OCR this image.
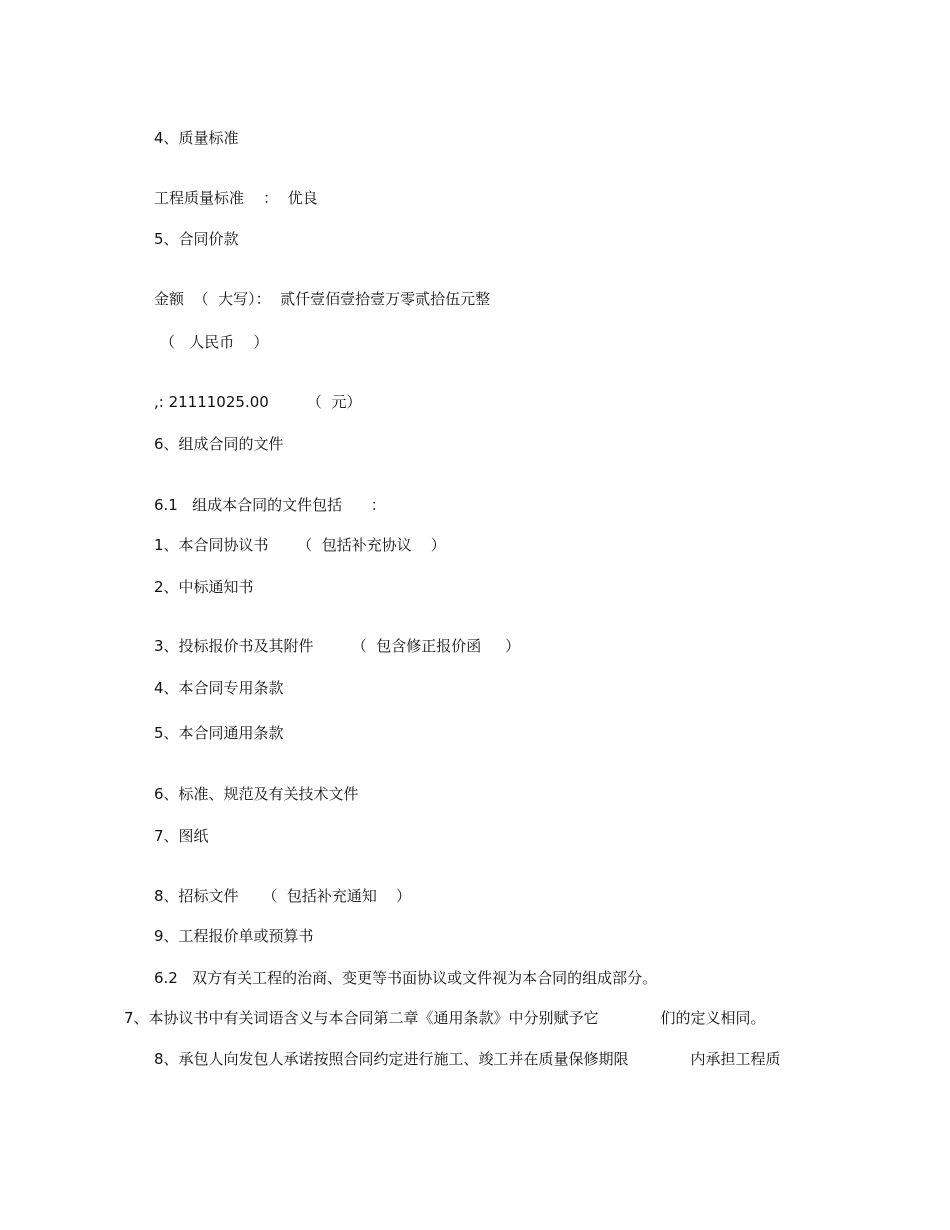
4、质量标准
工程质量标准    ：  优良
5、合同价款
金额  （  大写）：  贰仟壹佰壹拾壹万零贰拾伍元整
（   人民币    ）
,: 21111025.00        （  元）
6、组成合同的文件
6.1   组成本合同的文件包括      ：
1、本合同协议书      （  包括补充协议    ）
2、中标通知书
3、投标报价书及其附件        （  包含修正报价函     ）
4、本合同专用条款
5、本合同通用条款
6、标准、规范及有关技术文件
7、图纸
8、招标文件     （  包括补充通知    ）
9、工程报价单或预算书
6.2   双方有关工程的治商、变更等书面协议或文件视为本合同的组成部分。
7、本协议书中有关词语含义与本合同第二章《通用条款》中分别赋予它             们的定义相同。
8、承包人向发包人承诺按照合同约定进行施工、竣工并在质量保修期限             内承担工程质
